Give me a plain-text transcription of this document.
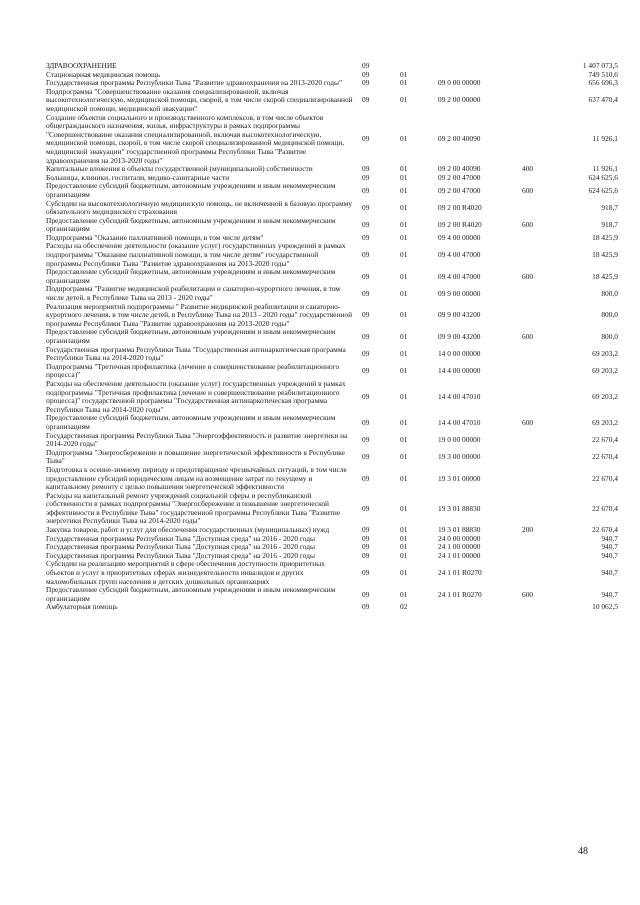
ЗДРАВООХРАНЕНИЕ	09	1 407 073,5
Стационарная медицинская помощь	09	01	749 510,6
Государственная программа Республики Тыва "Развитие здравоохранения на 2013-2020 годы"	09	01	09 0 00 00000	656 696,3
Подпрограмма "Совершенствование оказания специализированной, включая высокотехнологическую, медицинской помощи, скорой, в том числе скорой специализированной медицинской помощи, медицинской эвакуации"
09	01	09 2 00 00000	637 470,4
Создание объектов социального и производственного комплексов, в том числе объектов общегражданского назначения, жилья, инфраструктуры в рамках подпрограммы "Совершенствование оказания специализированной, включая высокотехнологическую, медицинской помощи, скорой, в том числе скорой специализированной медицинской помощи, медицинской эвакуации" государственной программы Республики Тыва "Развитие здравоохранения на 2013-2020 годы"
09	01	09 2 00 40090	11 926,1
Капитальные вложения в объекты государственной (муниципальной) собственности	09	01	09 2 00 40090	400	11 926,1
Больницы, клиники, госпитали, медико-санитарные части	09	01	09 2 00 47000	624 625,6
Предоставление субсидий бюджетным, автономным учреждениям и иным некоммерческим организациям	09	01	09 2 00 47000	600	624 625,6
Субсидии на высокотехнологичную медицинскую помощь, не включенной в базовую программу обязательного медицинского страхования	09	01	09 2 00 R4020	918,7
Предоставление субсидий бюджетным, автономным учреждениям и иным некоммерческим организациям	09	01	09 2 00 R4020	600	918,7
Подпрограмма "Оказание паллиативной помощи, в том числе детям"	09	01	09 4 00 00000	18 425,9
Расходы на обеспечение деятельности (оказание услуг) государственных учреждений в рамках подпрограммы "Оказание паллиативной помощи, в том числе детям" государственной программы Республики Тыва "Развитие здравоохранения на 2013-2020 годы"
09	01	09 4 00 47000	18 425,9
Предоставление субсидий бюджетным, автономным учреждениям и иным некоммерческим организациям	09	01	09 4 00 47000	600	18 425,9
Подпрограмма "Развитие медицинской реабилитации и санаторно-курортного лечения, в том числе детей, в Республике Тыва на 2013 - 2020 годы"	09	01	09 9 00 00000	800,0
Реализация мероприятий подпрограммы " Развитие медицинской реабилитации и санаторно-курортного лечения, в том числе детей, в Республике Тыва на 2013 - 2020 годы" государственной программы Республики Тыва "Развитие здравоохранения на 2013-2020 годы"
09	01	09 9 00 43200	800,0
Предоставление субсидий бюджетным, автономным учреждениям и иным некоммерческим организациям	09	01	09 9 00 43200	600	800,0
Государственная программа Республики Тыва "Государственная антинаркотическая программа Республики Тыва на 2014-2020 годы"	09	01	14 0 00 00000	69 203,2
Подпрограмма "Третичная профилактика (лечение и совершенствование реабилитационного процесса)"	09	01	14 4 00 00000	69 203,2
Расходы на обеспечение деятельности (оказание услуг) государственных учреждений в рамках подпрограммы "Третичная профилактика (лечение и совершенствование реабилитационного процесса)" государственной программы "Государственная антинаркотическая программа Республики Тыва на 2014-2020 годы"
09	01	14 4 00 47010	69 203,2
Предоставление субсидий бюджетным, автономным учреждениям и иным некоммерческим организациям	09	01	14 4 00 47010	600	69 203,2
Государственная программа Республики Тыва "Энергоэффективность и развитие энергетики на 2014-2020 годы"	09	01	19 0 00 00000	22 670,4
Подпрограмма "Энергосбережение и повышение энергетической эффективности в Республике Тыва"	09	01	19 3 00 00000	22 670,4
Подготовка к осенне-зимнему периоду и предотвращение чрезвычайных ситуаций, в том числе предоставление субсидий юридическим лицам на возмещение затрат по текущему и капитальному ремонту с целью повышения энергетической эффективности
09	01	19 3 01 00000	22 670,4
Расходы на капитальный ремонт учреждений социальной сферы и республиканской собственности в рамках подпрограммы "Энергосбережение и повышение энергетической эффективности в Республике Тыва" государственной программы Республики Тыва "Развитие энергетики Республики Тыва на 2014-2020 годы"
09	01	19 3 01 88830	22 670,4
Закупка товаров, работ и услуг для обеспечения государственных (муниципальных) нужд	09	01	19 3 01 88830	200	22 670,4
Государственная программа Республики Тыва "Доступная среда" на 2016 - 2020 годы	09	01	24 0 00 00000	940,7
Государственная программа Республики Тыва "Доступная среда" на 2016 - 2020 годы	09	01	24 1 00 00000	940,7
Государственная программа Республики Тыва "Доступная среда" на 2016 - 2020 годы	09	01	24 1 01 00000	940,7
Субсидии на реализацию мероприятий в сфере обеспечения доступности приоритетных объектов и услуг в приоритетных сферах жизнедеятельности инвалидов и других маломобильных групп населения в детских дошкольных организациях
09	01	24 1 01 R0270	940,7
Предоставление субсидий бюджетным, автономным учреждениям и иным некоммерческим организациям	09	01	24 1 01 R0270	600	940,7
Амбулаторная помощь	09	02	10 062,5
48
